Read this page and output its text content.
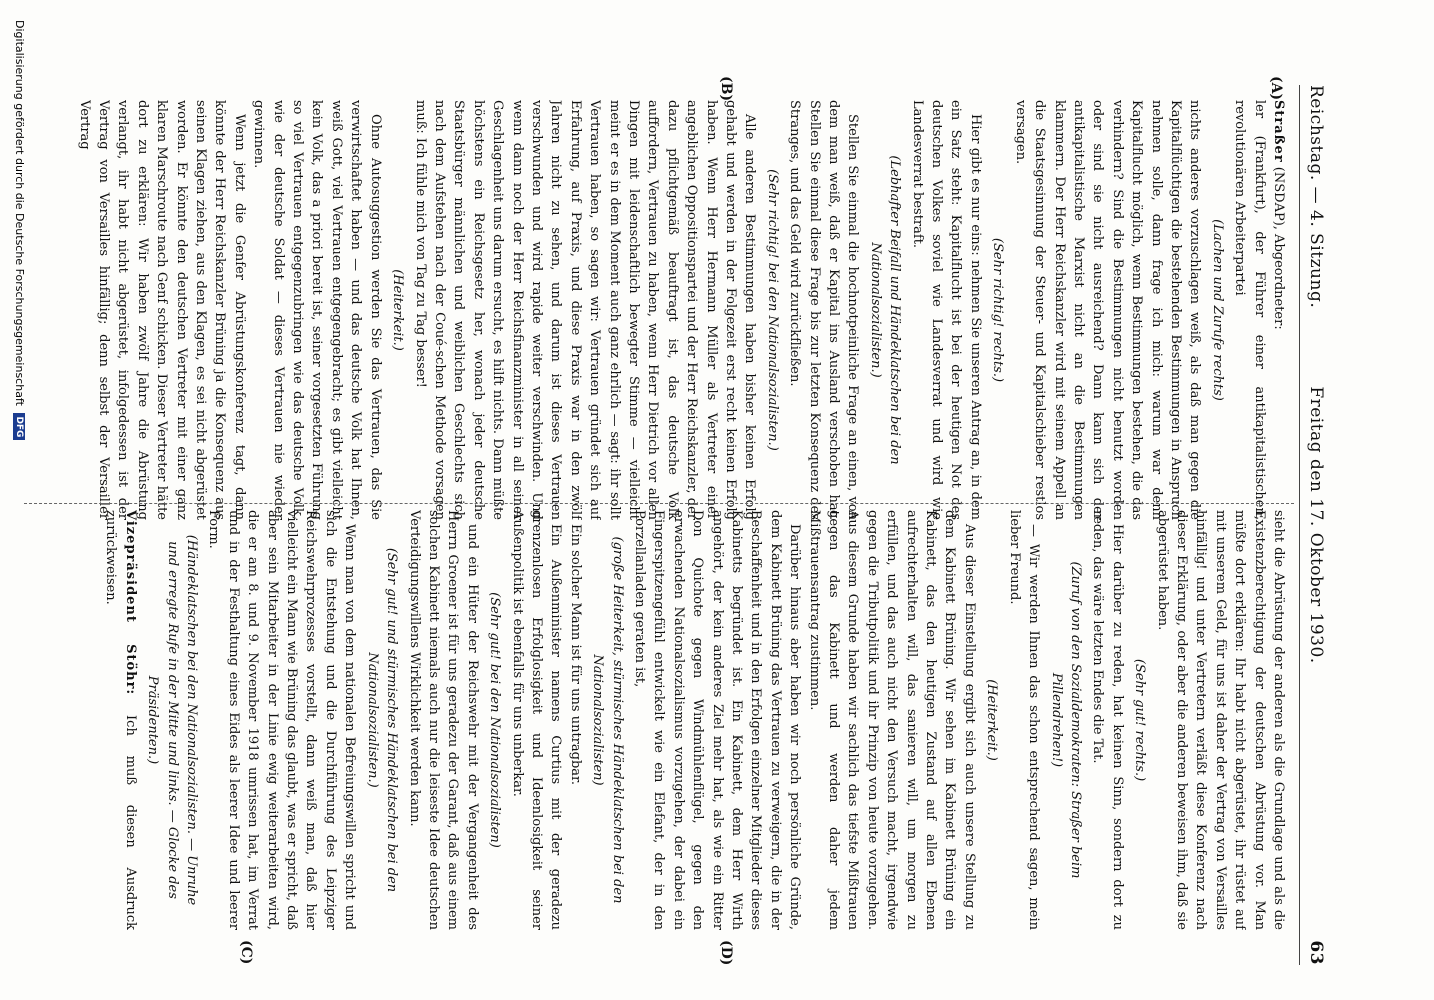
Reichstag. — 4. Sitzung.
Freitag den 17. Oktober 1930.
63
(A)
(B)
(C)	(D)

Straßer (NSDAP), Abgeordneter:

ler (Frankfurt), der Führer einer antikapitalistischen, revolutionären Arbeiterpartei

(Lachen und Zurufe rechts)

nichts anderes vorzuschlagen weiß, als daß man gegen die Kapitalflüchtigen die bestehenden Bestimmungen in Anspruch nehmen solle, dann frage ich mich: warum war denn Kapitalflucht möglich, wenn Bestimmungen bestehen, die das verhindern? Sind die Bestimmungen nicht benutzt worden oder sind sie nicht ausreichend? Dann kann sich der antikapitalistische Marxist nicht an die Bestimmungen klammern. Der Herr Reichskanzler wird mit seinem Appell an die Staatsgesinnung der Steuer- und Kapitalschieber restlos versagen.

(Sehr richtig! rechts.)

Hier gibt es nur eins: nehmen Sie unseren Antrag an, in dem ein Satz steht: Kapitalflucht ist bei der heutigen Not des deutschen Volkes soviel wie Landesverrat und wird wie Landesverrat bestraft.

(Lebhafter Beifall und Händeklatschen bei den Nationalsozialisten.)

Stellen Sie einmal die hochnotpeinliche Frage an einen, von dem man weiß, daß er Kapital ins Ausland verschoben hat. Stellen Sie einmal diese Frage bis zur letzten Konsequenz des Stranges, und das Geld wird zurückfließen.

(Sehr richtig! bei den Nationalsozialisten.)

Alle anderen Bestimmungen haben bisher keinen Erfolg gehabt und werden in der Folgezeit erst recht keinen Erfolg haben. Wenn Herr Hermann Müller als Vertreter einer angeblichen Oppositionspartei und der Herr Reichskanzler, der dazu pflichtgemäß beauftragt ist, das deutsche Volk auffordern, Vertrauen zu haben, wenn Herr Dietrich vor allen Dingen mit leidenschaftlich bewegter Stimme — vielleicht meint er es in dem Moment auch ganz ehrlich — sagt: ihr sollt Vertrauen haben, so sagen wir: Vertrauen gründet sich auf Erfahrung, auf Praxis, und diese Praxis war in den zwölf Jahren nicht zu sehen, und darum ist dieses Vertrauen verschwunden und wird rapide weiter verschwinden. Und wenn dann noch der Herr Reichsfinanzminister in all seiner Geschlagenheit uns darum ersucht, es hilft nichts. Dann müßte höchstens ein Reichsgesetz her, wonach jeder deutsche Staatsbürger männlichen und weiblichen Geschlechts sich nach dem Aufstehen nach der Coué-schen Methode vorsagen muß: Ich fühle mich von Tag zu Tag besser!

(Heiterkeit.)

Ohne Autosuggestion werden Sie das Vertrauen, das Sie verwirtschaftet haben — und das deutsche Volk hat Ihnen, weiß Gott, viel Vertrauen entgegengebracht; es gibt vielleicht kein Volk, das a priori bereit ist, seiner vorgesetzten Führung so viel Vertrauen entgegenzubringen wie das deutsche Volk, wie der deutsche Soldat — dieses Vertrauen nie wieder gewinnen.

Wenn jetzt die Genfer Abrüstungskonferenz tagt, dann könnte der Herr Reichskanzler Brüning ja die Konsequenz aus seinen Klagen ziehen, aus den Klagen, es sei nicht abgerüstet worden. Er könnte den deutschen Vertreter mit einer ganz klaren Marschroute nach Genf schicken. Dieser Vertreter hätte dort zu erklären: Wir haben zwölf Jahre die Abrüstung verlangt, ihr habt nicht abgerüstet, infolgedessen ist der Vertrag von Versailles hinfällig; denn selbst der Versailler Vertrag

sieht die Abrüstung der anderen als die Grundlage und als die Existenzberechtigung der deutschen Abrüstung vor. Man müßte dort erklären: Ihr habt nicht abgerüstet, ihr rüstet auf mit unserem Geld, für uns ist daher der Vertrag von Versailles hinfällig! und unter Vertretern verläßt diese Konferenz nach dieser Erklärung, oder aber die anderen beweisen ihm, daß sie abgerüstet haben.

(Sehr gut! rechts.)

Hier darüber zu reden, hat keinen Sinn, sondern dort zu reden, das wäre letzten Endes die Tat.

(Zuruf von den Sozialdemokraten: Straßer beim Pillendrehen!)

— Wir werden Ihnen das schon entsprechend sagen, mein lieber Freund.

(Heiterkeit.)

Aus dieser Einstellung ergibt sich auch unsere Stellung zu dem Kabinett Brüning. Wir sehen im Kabinett Brüning ein Kabinett, das den heutigen Zustand auf allen Ebenen aufrechterhalten will, das sanieren will, um morgen zu erfüllen, und das auch nicht den Versuch macht, irgendwie gegen die Tributpolitik und ihr Prinzip von heute vorzugehen. Aus diesem Grunde haben wir sachlich das tiefste Mißtrauen gegen das Kabinett und werden daher jedem Mißtrauensantrag zustimmen.

Darüber hinaus aber haben wir noch persönliche Gründe, dem Kabinett Brüning das Vertrauen zu verweigern, die in der Beschaffenheit und in den Erfolgen einzelner Mitglieder dieses Kabinetts begründet ist. Ein Kabinett, dem Herr Wirth angehört, der kein anderes Ziel mehr hat, als wie ein Ritter Don Quichote gegen Windmühlenflügel, gegen den erwachenden Nationalsozialismus vorzugehen, der dabei ein Fingerspitzengefühl entwickelt wie ein Elefant, der in den Porzellanladen geraten ist,

(große Heiterkeit, stürmisches Händeklatschen bei den Nationalsozialisten)

Ein solcher Mann ist für uns untragbar.

Ein Außenminister namens Curtius mit der geradezu grenzenlosen Erfolglosigkeit und Ideenlosigkeit seiner Außenpolitik ist ebenfalls für uns unberkar.

(Sehr gut! bei den Nationalsozialisten)

und ein Hüter der Reichswehr mit der Vergangenheit des Herrn Groener ist für uns geradezu der Garant, daß aus einem solchen Kabinett niemals auch nur die leiseste Idee deutschen Verteidigungswillens Wirklichkeit werden kann.

(Sehr gut! und stürmisches Händeklatschen bei den Nationalsozialisten.)

Wenn man von dem nationalen Befreiungswillen spricht und sich die Entstehung und die Durchführung des Leipziger Reichswehrprozesses vorstellt, dann weiß man, daß hier vielleicht ein Mann wie Brüning das glaubt, was er spricht, daß aber sein Mitarbeiter in der Linie ewig weiterarbeiten wird, die er am 8. und 9. November 1918 umrissen hat, im Verrat und in der Festhaltung eines Eides als leerer Idee und leerer Form.

(Händeklatschen bei den Nationalsozialisten. — Unruhe und erregte Rufe in der Mitte und links. — Glocke des Präsidenten.)

Vizepräsident Stöhr: Ich muß diesen Ausdruck zurückweisen.

Digitalisierung gefördert durch die Deutsche Forschungsgemeinschaft DFG
